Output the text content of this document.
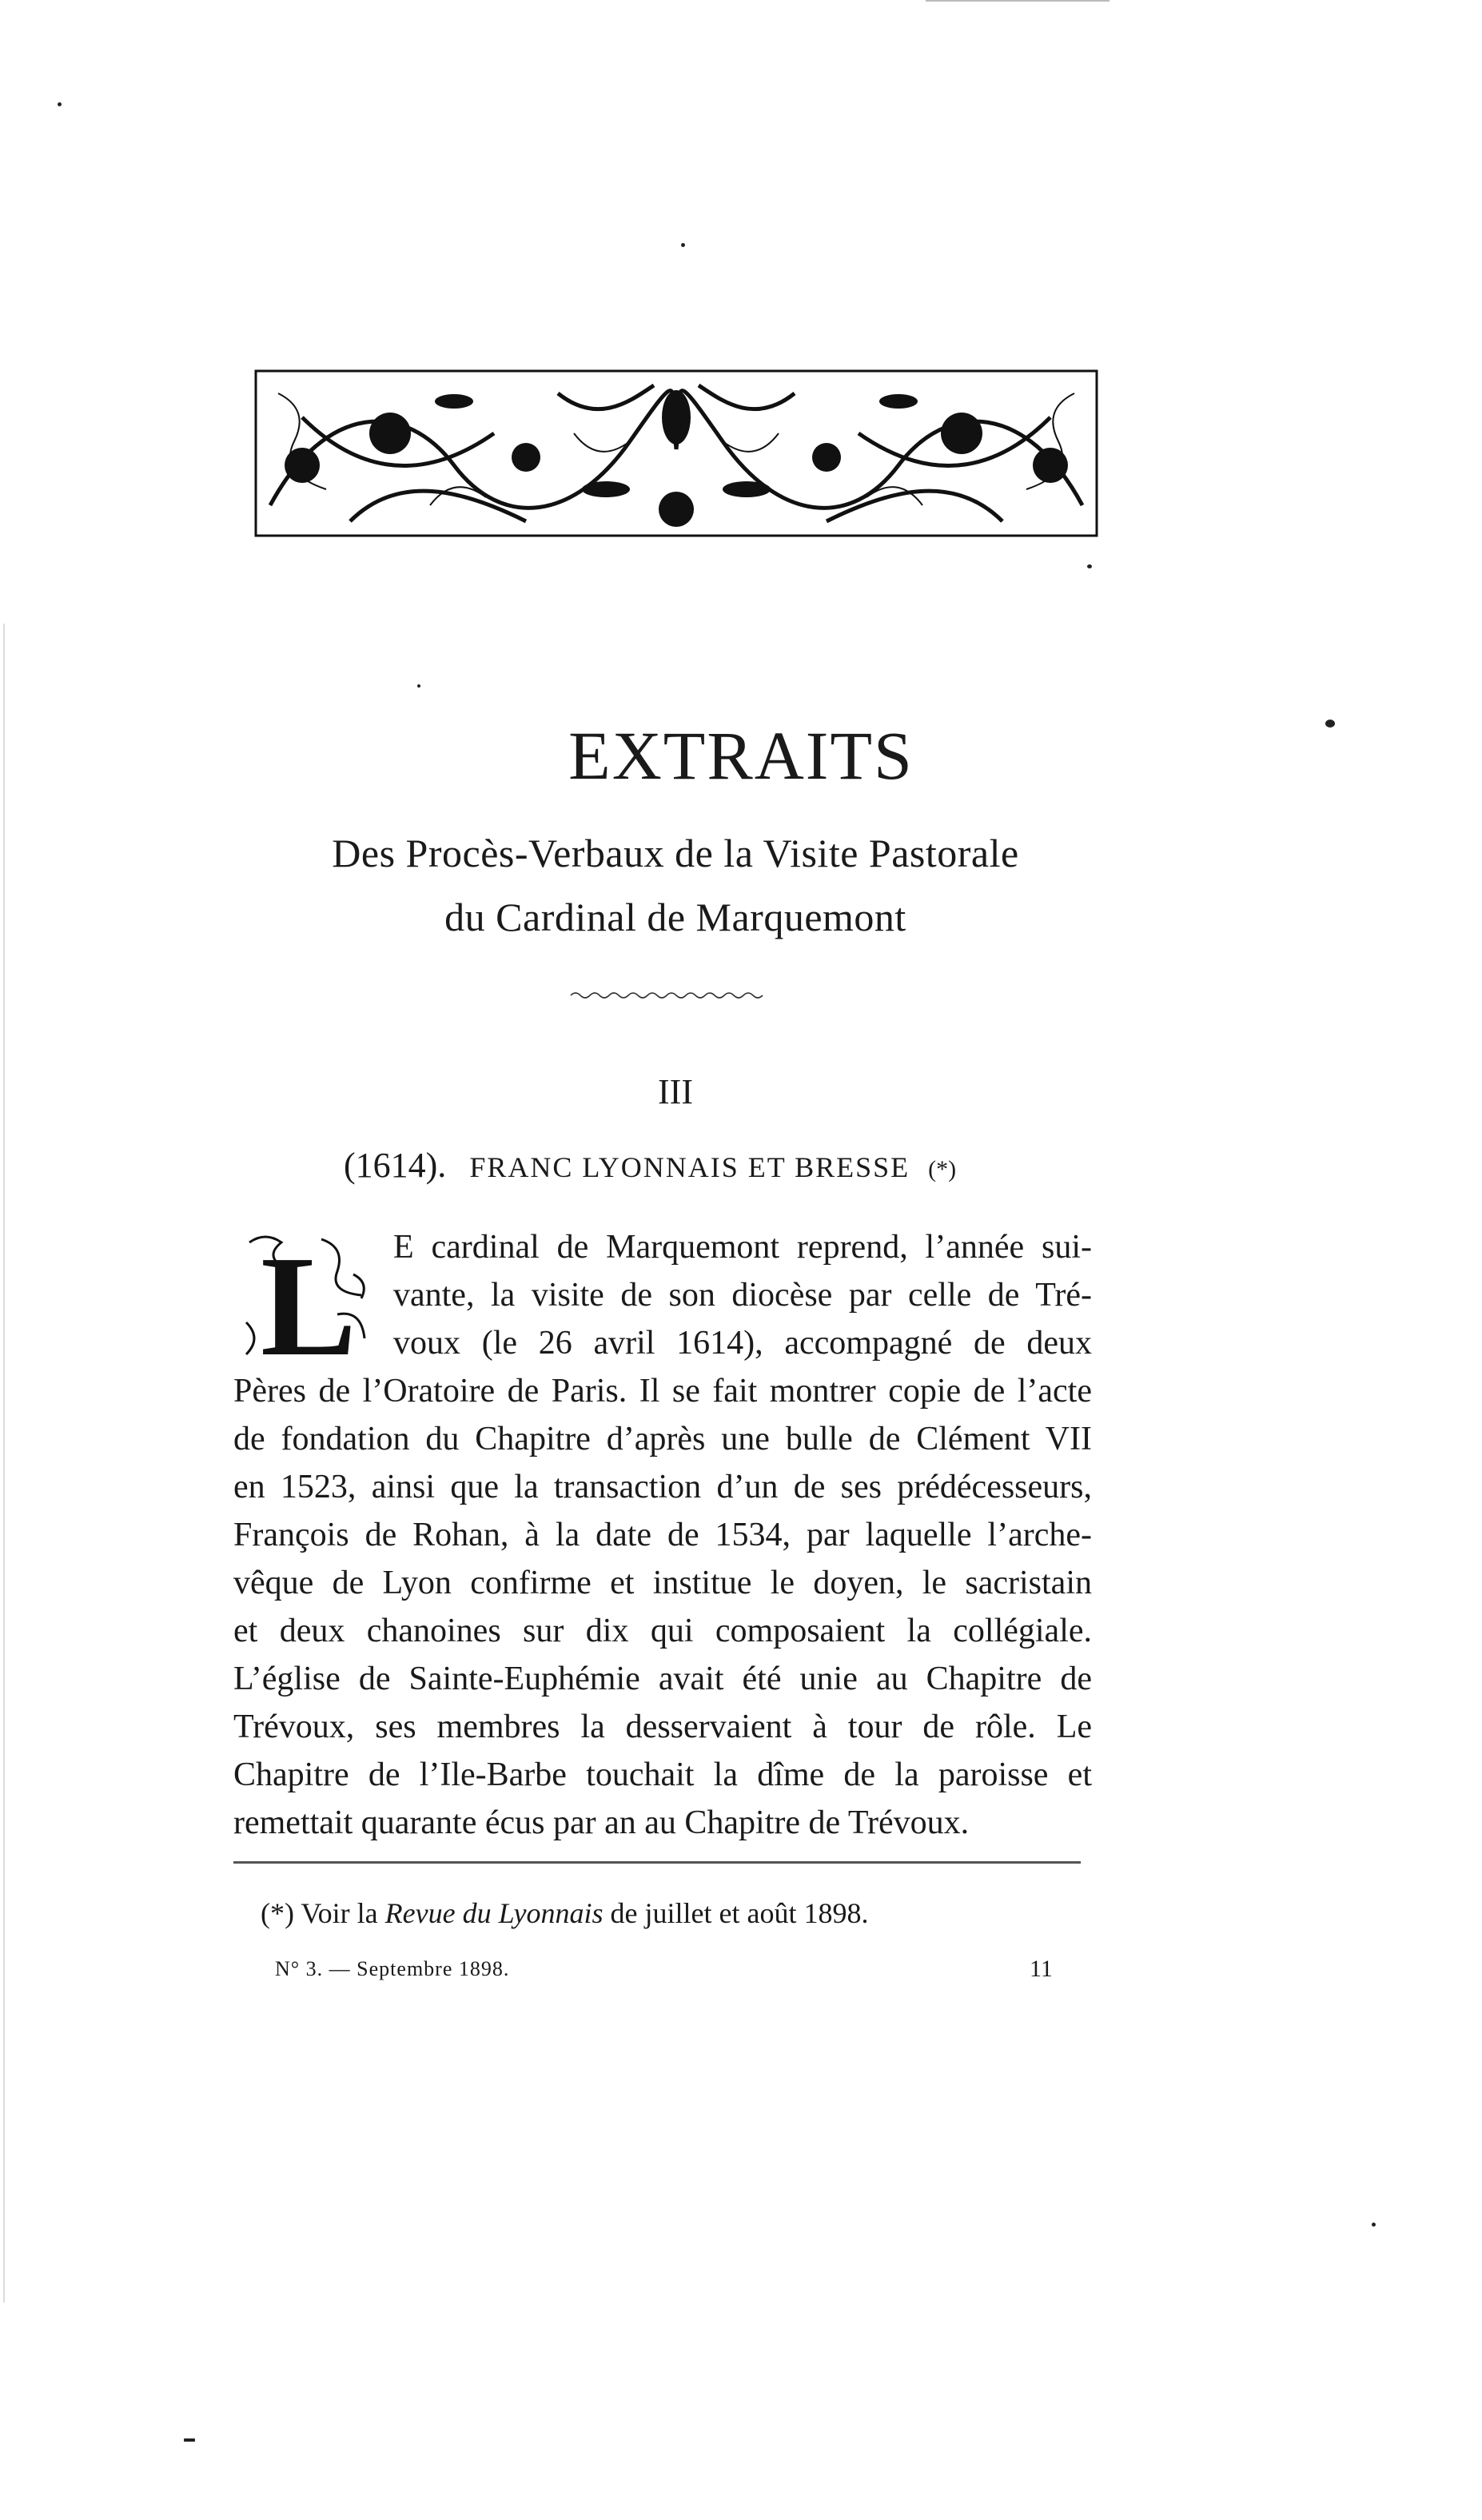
EXTRAITS
Des Procès-Verbaux de la Visite Pastorale
du Cardinal de Marquemont
III
(1614). FRANC LYONNAIS ET BRESSE (*)
L	E cardinal de Marquemont reprend, l’année sui-
vante, la visite de son diocèse par celle de Tré-
voux (le 26 avril 1614), accompagné de deux
Pères de l’Oratoire de Paris. Il se fait montrer copie de l’acte
de fondation du Chapitre d’après une bulle de Clément VII
en 1523, ainsi que la transaction d’un de ses prédécesseurs,
François de Rohan, à la date de 1534, par laquelle l’arche-
vêque de Lyon confirme et institue le doyen, le sacristain
et deux chanoines sur dix qui composaient la collégiale.
L’église de Sainte-Euphémie avait été unie au Chapitre de
Trévoux, ses membres la desservaient à tour de rôle. Le
Chapitre de l’Ile-Barbe touchait la dîme de la paroisse et
remettait quarante écus par an au Chapitre de Trévoux.
(*) Voir la Revue du Lyonnais de juillet et août 1898.
N° 3. — Septembre 1898.	11
